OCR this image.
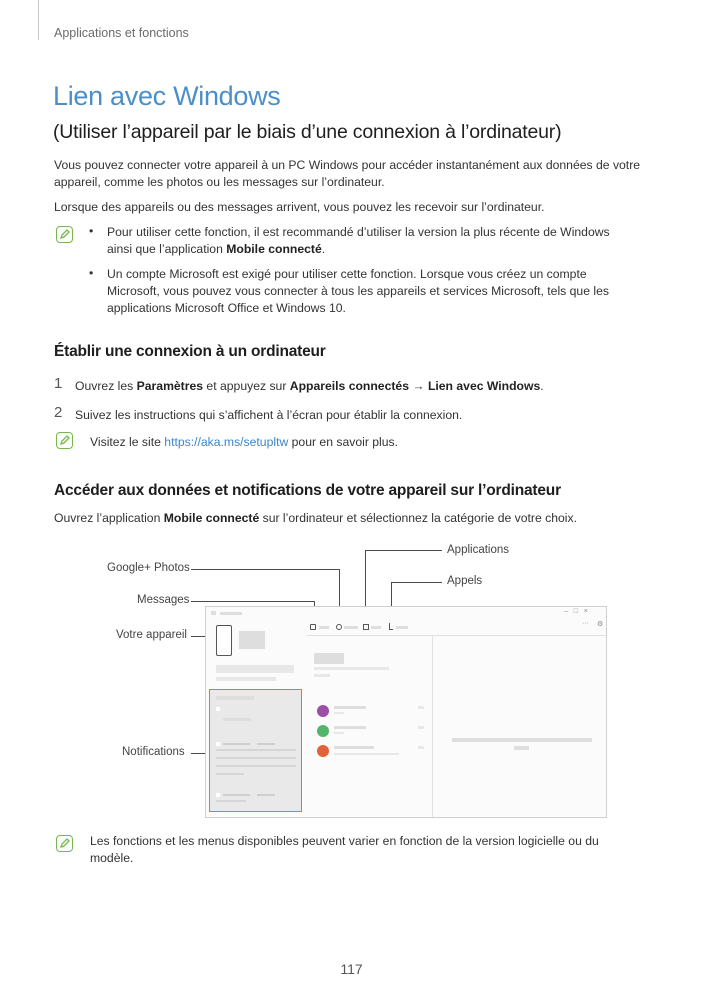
Applications et fonctions
Lien avec Windows
(Utiliser l’appareil par le biais d’une connexion à l’ordinateur)
Vous pouvez connecter votre appareil à un PC Windows pour accéder instantanément aux données de votre
appareil, comme les photos ou les messages sur l’ordinateur.
Lorsque des appareils ou des messages arrivent, vous pouvez les recevoir sur l’ordinateur.
• Pour utiliser cette fonction, il est recommandé d’utiliser la version la plus récente de Windows
ainsi que l’application Mobile connecté.
• Un compte Microsoft est exigé pour utiliser cette fonction. Lorsque vous créez un compte
Microsoft, vous pouvez vous connecter à tous les appareils et services Microsoft, tels que les
applications Microsoft Office et Windows 10.
Établir une connexion à un ordinateur
1 Ouvrez les Paramètres et appuyez sur Appareils connectés → Lien avec Windows.
2 Suivez les instructions qui s’affichent à l’écran pour établir la connexion.
Visitez le site https://aka.ms/setupltw pour en savoir plus.
Accéder aux données et notifications de votre appareil sur l’ordinateur
Ouvrez l’application Mobile connecté sur l’ordinateur et sélectionnez la catégorie de votre choix.
Applications
Google+ Photos
Appels
Messages
Votre appareil
Notifications
–   □   ×
··· ⚙
Les fonctions et les menus disponibles peuvent varier en fonction de la version logicielle ou du
modèle.
117
